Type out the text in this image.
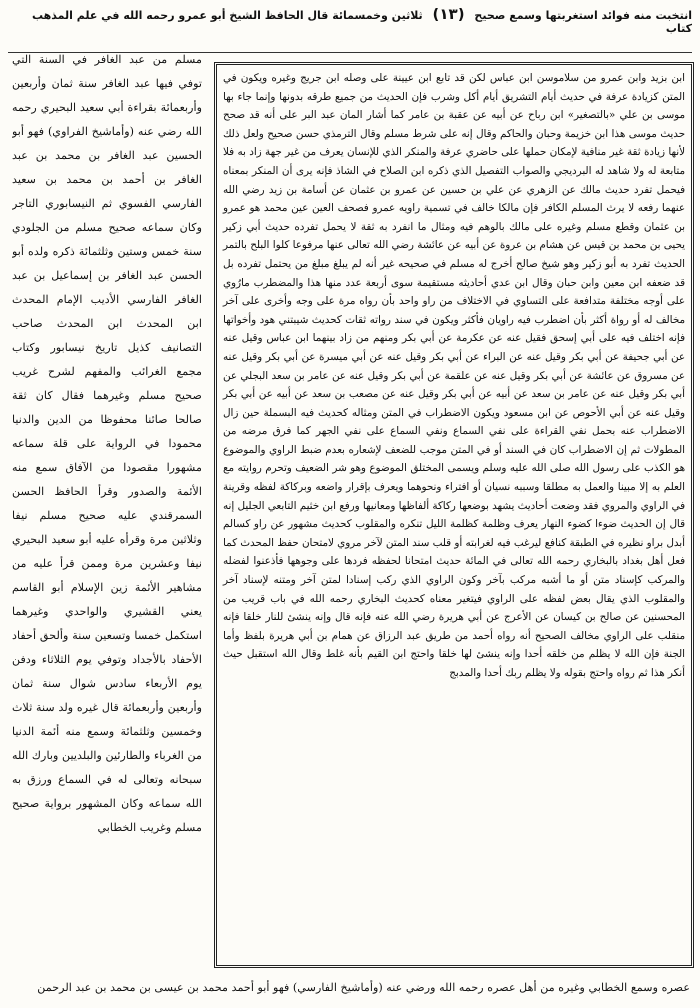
انتخبت منه فوائد استغربتها وسمع صحيح (١٣) ثلاثين وخمسمائة قال الحافظ الشيخ أبو عمرو رحمه الله في علم المذهب كتاب

ابن بزيد وابن عمرو من سلاموسن ابن عباس لكن قد تابع ابن عيينة على وصله ابن جريج وغيره ويكون في المتن كزيادة عرفة في حديث أيام التشريق أيام أكل وشرب فإن الحديث من جميع طرقه بدونها وإنما جاء بها موسى بن علي «بالتصغير» ابن رباح عن أبيه عن عقبة بن عامر كما أشار المان عبد البر على أنه قد صحح حديث موسى هذا ابن خزيمة وحبان والحاكم وقال إنه على شرط مسلم وقال الترمذي حسن صحيح ولعل ذلك لأنها زيادة ثقة غير منافية لإمكان حملها على حاضري عرفة والمنكر الذي للإنسان يعرف من غير جهة زاد به فلا متابعة له ولا شاهد له البرديجي والصواب التفصيل الذي ذكره ابن الصلاح في الشاذ فإنه يرى أن المنكر بمعناه فيحمل تفرد حديث مالك عن الزهري عن علي بن حسين عن عمرو بن عثمان عن أسامة بن زيد رضي الله عنهما رفعه لا يرث المسلم الكافر فإن مالكا خالف في تسمية راويه عمرو فصحف العين عين محمد هو عمرو بن عثمان وقطع مسلم وغيره على مالك بالوهم فيه ومثال ما انفرد به ثقة لا يحمل تفرده حديث أبي زكير يحيى بن محمد بن قيس عن هشام بن عروة عن أبيه عن عائشة رضي الله تعالى عنها مرفوعا كلوا البلح بالتمر الحديث تفرد به أبو زكير وهو شيخ صالح أخرج له مسلم في صحيحه غير أنه لم يبلغ مبلغ من يحتمل تفرده بل قد ضعفه ابن معين وابن حبان وقال ابن عدي أحاديثه مستقيمة سوى أربعة عدد منها هذا والمضطرب مارُوي على أوجه مختلفة متدافعة على التساوي في الاختلاف من راو واحد بأن رواه مرة على وجه وأخرى على آخر مخالف له أو رواة أكثر بأن اضطرب فيه راويان فأكثر ويكون في سند رواته ثقات كحديث شيبتني هود وأخواتها فإنه اختلف فيه على أبي إسحق فقيل عنه عن عكرمة عن أبي بكر ومنهم من زاد بينهما ابن عباس وقيل عنه عن أبي جحيفة عن أبي بكر وقيل عنه عن البراء عن أبي بكر وقيل عنه عن أبي ميسرة عن أبي بكر وقيل عنه عن مسروق عن عائشة عن أبي بكر وقيل عنه عن علقمة عن أبي بكر وقيل عنه عن عامر بن سعد البجلي عن أبي بكر وقيل عنه عن عامر بن سعد عن أبيه عن أبي بكر وقيل عنه عن مصعب بن سعد عن أبيه عن أبي بكر وقيل عنه عن أبي الأحوص عن ابن مسعود ويكون الاضطراب في المتن ومثاله كحديث فيه البسملة حين زال الاضطراب عنه بحمل نفي القراءة على نفي السماع ونفي السماع على نفي الجهر كما فرق مرضه من المطولات ثم إن الاضطراب كان في السند أو في المتن موجب للضعف لإشعاره بعدم ضبط الراوي والموضوع هو الكذب على رسول الله صلى الله عليه وسلم ويسمى المختلق الموضوع وهو شر الضعيف وتحرم روايته مع العلم به إلا مبينا والعمل به مطلقا وسببه نسيان أو افتراء ونحوهما ويعرف بإقرار واضعه وبركاكة لفظه وقرينة في الراوي والمروي فقد وضعت أحاديث يشهد بوضعها ركاكة ألفاظها ومعانيها ورفع ابن خثيم التابعي الجليل إنه قال إن الحديث ضوءا كضوء النهار يعرف وظلمة كظلمة الليل تنكره والمقلوب كحديث مشهور عن راو كسالم أبدل براو نظيره في الطبقة كنافع ليرغب فيه لغرابته أو قلب سند المتن لآخر مروي لامتحان حفظ المحدث كما فعل أهل بغداد بالبخاري رحمه الله تعالى في المائة حديث امتحانا لحفظه فردها على وجوهها فأذعنوا لفضله والمركب كإسناد متن أو ما أشبه مركب بآخر وكون الراوي الذي ركب إسنادا لمتن آخر ومتنه لإسناد آخر والمقلوب الذي يقال بعض لفظه على الراوي فيتغير معناه كحديث البخاري رحمه الله في باب قريب من المحسنين عن صالح بن كيسان عن الأعرج عن أبي هريرة رضي الله عنه فإنه قال وإنه ينشئ للنار خلقا فإنه منقلب على الراوي مخالف الصحيح أنه رواه أحمد من طريق عبد الرزاق عن همام بن أبي هريرة بلفظ وأما الجنة فإن الله لا يظلم من خلقه أحدا وإنه ينشئ لها خلقا واحتج ابن القيم بأنه غلط وقال الله استقبل حيث أنكر هذا ثم رواه واحتج بقوله ولا يظلم ربك أحدا والمدبج

مسلم من عبد الغافر في السنة التي توفي فيها عبد الغافر سنة ثمان وأربعين وأربعمائة بقراءة أبي سعيد البحيري رحمه الله رضي عنه (وأماشيخ الفراوي) فهو أبو الحسين عبد الغافر بن محمد بن عبد الغافر بن أحمد بن محمد بن سعيد الفارسي الفسوي ثم النيسابوري التاجر وكان سماعه صحيح مسلم من الجلودي سنة خمس وستين وثلثمائة ذكره ولده أبو الحسن عبد الغافر بن إسماعيل بن عبد الغافر الفارسي الأديب الإمام المحدث ابن المحدث ابن المحدث صاحب التصانيف كذيل تاريخ نيسابور وكتاب مجمع الغرائب والمفهم لشرح غريب صحيح مسلم وغيرهما فقال كان ثقة صالحا صائنا محفوظا من الدين والدنيا محمودا في الرواية على قلة سماعه مشهورا مقصودا من الآفاق سمع منه الأئمة والصدور وقرأ الحافظ الحسن السمرقندي عليه صحيح مسلم نيفا وثلاثين مرة وقرأه عليه أبو سعيد البحيري نيفا وعشرين مرة وممن قرأ عليه من مشاهير الأئمة زين الإسلام أبو القاسم يعني القشيري والواحدي وغيرهما استكمل خمسا وتسعين سنة وألحق أحفاد الأحفاد بالأجداد وتوفي يوم الثلاثاء ودفن يوم الأربعاء سادس شوال سنة ثمان وأربعين وأربعمائة قال غيره ولد سنة ثلاث وخمسين وثلثمائة وسمع منه أئمة الدنيا من الغرباء والطارئين والبلديين وبارك الله سبحانه وتعالى له في السماع ورزق به الله سماعه وكان المشهور برواية صحيح مسلم وغريب الخطابي

عصره وسمع الخطابي وغيره من أهل عصره رحمه الله ورضي عنه (وأماشيخ الفارسي) فهو أبو أحمد محمد بن عيسى بن محمد بن عبد الرحمن
